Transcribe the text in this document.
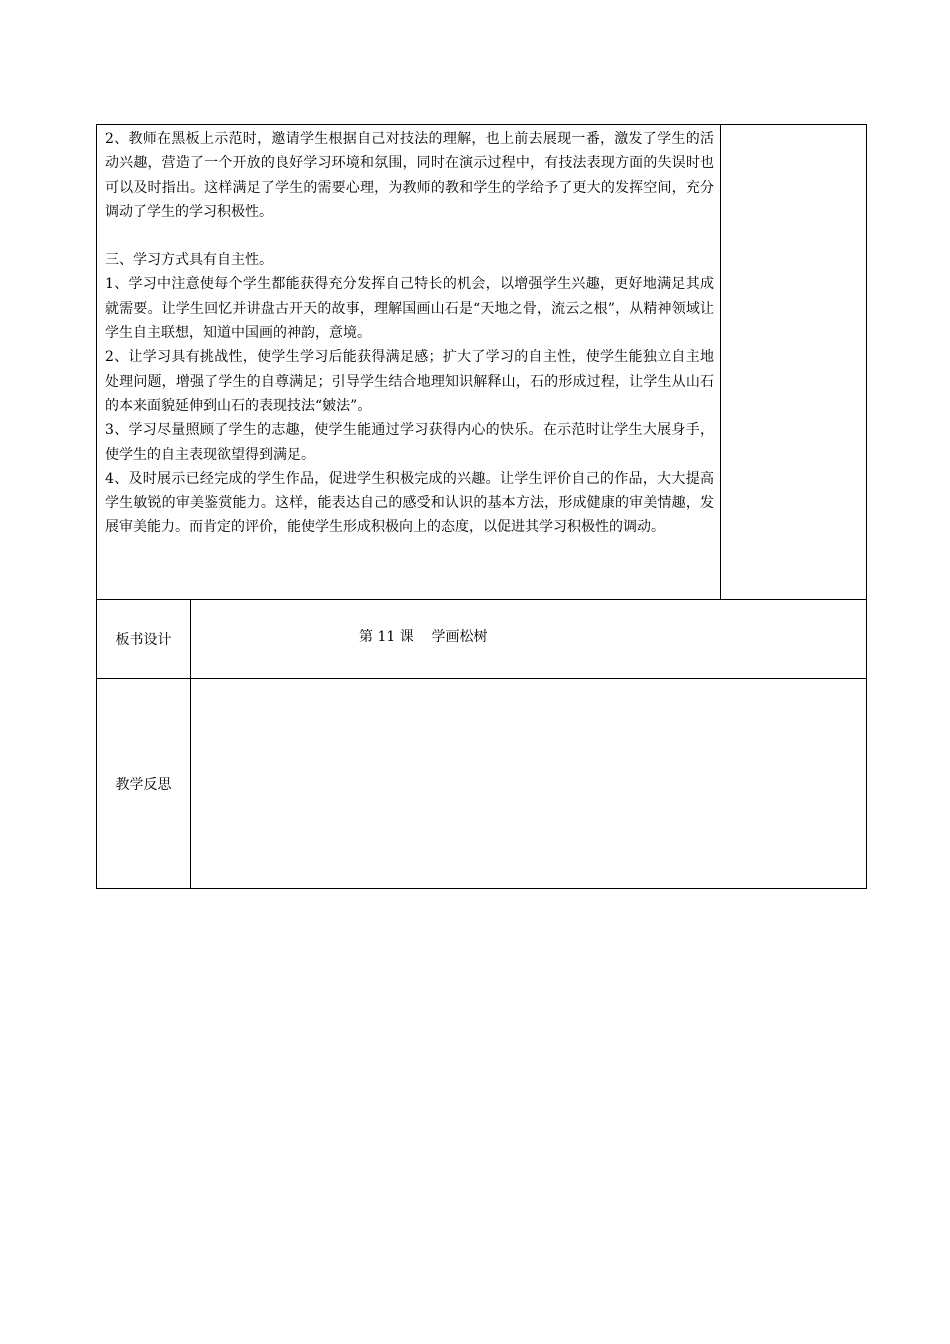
2、教师在黑板上示范时，邀请学生根据自己对技法的理解，也上前去展现一番，激发了学生的活动兴趣，营造了一个开放的良好学习环境和氛围，同时在演示过程中，有技法表现方面的失误时也可以及时指出。这样满足了学生的需要心理，为教师的教和学生的学给予了更大的发挥空间，充分调动了学生的学习积极性。

三、学习方式具有自主性。

1、学习中注意使每个学生都能获得充分发挥自己特长的机会，以增强学生兴趣，更好地满足其成就需要。让学生回忆并讲盘古开天的故事，理解国画山石是“天地之骨，流云之根”，从精神领域让学生自主联想，知道中国画的神韵，意境。

2、让学习具有挑战性，使学生学习后能获得满足感；扩大了学习的自主性，使学生能独立自主地处理问题，增强了学生的自尊满足；引导学生结合地理知识解释山，石的形成过程，让学生从山石的本来面貌延伸到山石的表现技法“皴法”。

3、学习尽量照顾了学生的志趣，使学生能通过学习获得内心的快乐。在示范时让学生大展身手，使学生的自主表现欲望得到满足。

4、及时展示已经完成的学生作品，促进学生积极完成的兴趣。让学生评价自己的作品，大大提高学生敏锐的审美鉴赏能力。这样，能表达自己的感受和认识的基本方法，形成健康的审美情趣，发展审美能力。而肯定的评价，能使学生形成积极向上的态度，以促进其学习积极性的调动。

板书设计	第 11 课    学画松树
教学反思
